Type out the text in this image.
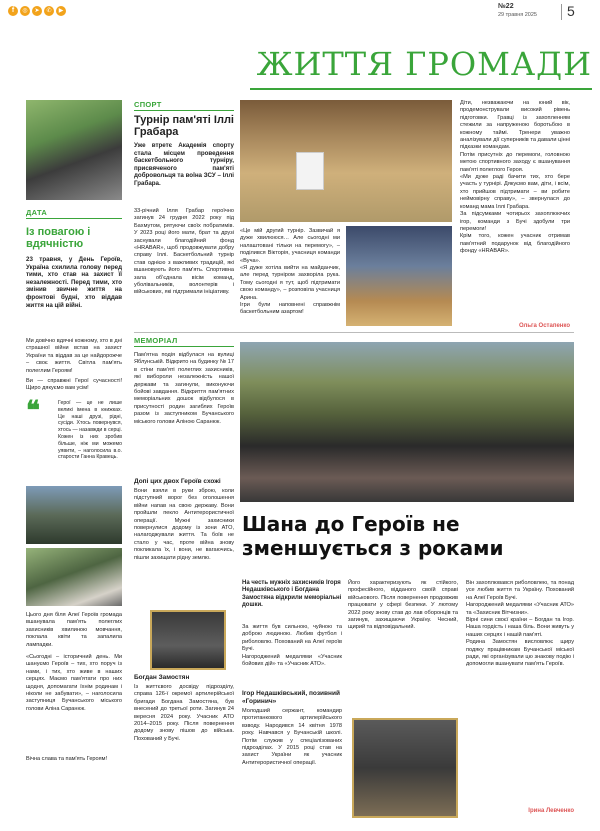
f	◎	➤	✆	▶
№22
29 травня 2025 5
ЖИТТЯ ГРОМАДИ
ДАТА
Із повагою і вдячністю
23 травня, у День Героїв, Україна схилила голову перед тими, хто став на захист її незалежності. Перед тими, хто змінив звичне життя на фронтові будні, хто віддав життя на цій війні.
Ми довічно вдячні кожному, хто в дні страшної війни встав на захист України та віддав за це найдорожче – своє життя. Світла пам'ять полеглим Героям!
Ви — справжні Герої сучасності! Щиро дякуємо вам усім!
❝	Герої — це не лише великі імена в книжках. Це наші друзі, рідні, сусіди. Хтось повернувся, хтось — назавжди в серці. Кожен із них зробив більше, ніж ми можемо уявити, – наголосила в.о. старости Ганна Кравець.
Цього дня біля Алеї Героїв громада вшанувала пам'ять полеглих захисників хвилиною мовчання, поклала квіти та запалила лампадки.
«Сьогодні – історичний день. Ми шануємо Героїв – тих, хто поруч із нами, і тих, хто живе в наших серцях. Маємо пам'ятати про них щодня, допомагати їхнім родинам і ніколи не забувати», – наголосила заступниця Бучанського міського голови Аліна Саранюк.
Вічна слава та пам'ять Героям!
СПОРТ
Турнір пам'яті Іллі Грабара
Уже втретє Академія спорту стала місцем проведення баскетбольного турніру, присвяченого пам'яті добровольця та воїна ЗСУ – Іллі Грабара.
33-річний Ілля Грабар героїчно загинув 24 грудня 2022 року під Бахмутом, рятуючи своїх побратимів. У 2023 році його мати, брат та друзі заснували благодійний фонд «HRABAR», щоб продовжувати добру справу Іллі. Баскетбольний турнір став однією з важливих традицій, які вшановують його пам'ять. Спортивна зала об'єднала вісім команд, уболівальників, волонтерів і військових, які підтримали ініціативу.
«Це мій другий турнір. Зазвичай я дуже хвилююся… Але сьогодні ми налаштовані тільки на перемогу», – поділився Вікторія, учасниця команди «Вуча».
«Я дуже хотіла вийти на майданчик, але перед турніром захворіла рука. Тому сьогодні я тут, щоб підтримати свою команду», – розповіла учасниця Арина.
Ігри були наповнені справжнім баскетбольним азартом!
Діти, незважаючи на юний вік, продемонстрували високий рівень підготовки. Гравці із захопленням стежили за напруженою боротьбою в кожному таймі. Тренери уважно аналізували дії суперників та давали цінні підказки командам.
Потім присутніх до перемоги, головною метою спортивного заходу є вшанування пам'яті полеглого Героя.
«Ми дуже раді бачити тих, хто бере участь у турнірі. Дякуємо вам, діти, і всім, хто прийшов підтримати – ви робите неймовірну справу», – звернулася до команд мама Іллі Грабара.
За підсумками чотирьох захоплюючих ігор, команди з Бучі здобули три перемоги!
Крім того, кожен учасник отримав пам'ятний подарунок від благодійного фонду «HRABAR».
Ольга Остапенко
МЕМОРІАЛ
Пам'ятна подія відбулася на вулиці Яблунській. Відкрито на будинку № 17 в стіни пам'яті полеглих захисників, які вибороли незалежність нашої держави та загинули, виконуючи бойові завдання. Відкриття пам'ятних меморіальних дошок відбулося в присутності родин загиблих Героїв разом із заступником Бучанського міського голови Аліною Саранюк.
Допі цих двох Героїв схожі
Вони взяли в руки зброю, коли підступний ворог без оголошення війни напав на свою державу. Вони пройшли пекло Антитерористичної операції. Мужні захисники повернулися додому із зони АТО, налагоджували життя. Та боїв не стало у час, проте війна знову покликала їх, і вони, не вагаючись, пішли захищати рідну землю.
Шана до Героїв не зменшується з роками
Богдан Замостян
Із життєвого досвіду підрозділу, справа 126-ї окремої артилерійської бригади Богдана Замостяна, був внесений до третьої роти. Загинув 24 вересня 2024 року. Учасник АТО 2014–2015 року. Після повернення додому знову пішов до війська. Похований у Бучі.
На честь мужніх захисників Ігоря Недашківського і Богдана Замостяна відкрили меморіальні дошки.
За життя був сильною, чуйною та доброю людиною. Любив футбол і риболовлю. Похований на Алеї героїв Бучі.
Нагороджений медалями «Учасник бойових дій» та «Учасник АТО».
Ігор Недашківський, позивний «Горинич»
Молодший сержант, командир протитанкового артилерійського взводу. Народився 14 квітня 1978 року. Навчався у Бучанській школі. Потім служив у спеціалізованих підрозділах. У 2015 році став на захист України як учасник Антитерористичної операції.
Його характеризують як стійкого, професійного, відданого своїй справі військового. Після повернення продовжив працювати у сфері безпеки. У лютому 2022 року знову став до лав оборонців та загинув, захищаючи Україну. Чесний, щирий та відповідальний.
Він захоплювався риболовлею, та понад усе любив життя та Україну. Похований на Алеї Героїв Бучі.
Нагороджений медалями «Учасник АТО» та «Захисник Вітчизни».
Вірні сини своєї країни – Богдан та Ігор. Наша гордість і наша біль. Вони живуть у наших серцях і нашій пам'яті.
Родина Замостян висловлює щиру подяку працівникам Бучанської міської ради, які організували цю знакову подію і допомогли вшанувати пам'ять Героїв.
Ірина Левченко
